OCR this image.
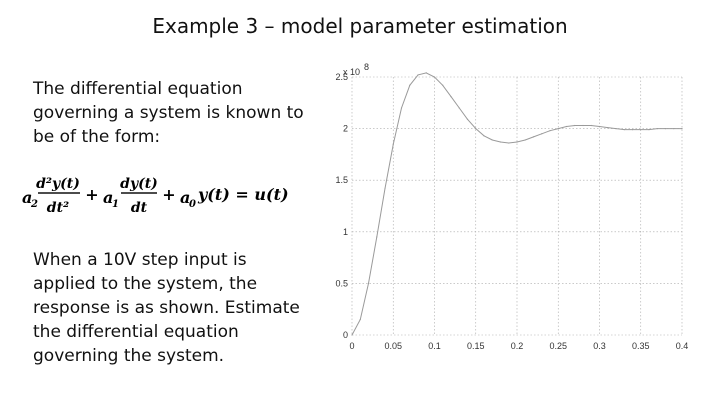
Example 3 – model parameter estimation
The differential equation
governing a system is known to
be of the form:
a
2
d²y(t)
dt²
+ a
1
dy(t)
dt
+ a
0
y(t) = u(t)
When a 10V step input is
applied to the system, the
response is as shown. Estimate
the differential equation
governing the system.	0	0.05	0.1	0.15	0.2	0.25	0.3	0.35	0.4
0
0.5
1
1.5
2
2.5
x 10 8
